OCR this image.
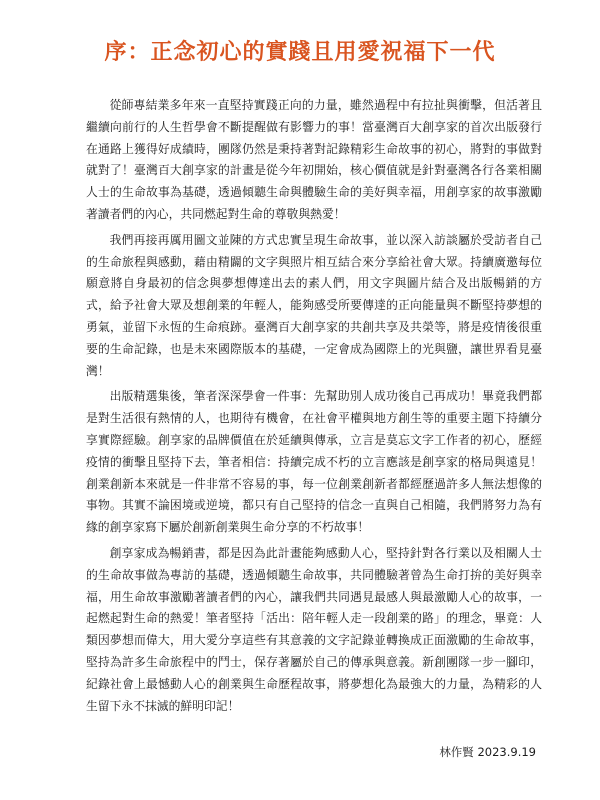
序：正念初心的實踐且用愛祝福下一代

從師專結業多年來一直堅持實踐正向的力量，雖然過程中有拉扯與衝擊，但活著且繼續向前行的人生哲學會不斷提醒做有影響力的事！當臺灣百大創享家的首次出版發行在通路上獲得好成績時，團隊仍然是秉持著對記錄精彩生命故事的初心，將對的事做對就對了！臺灣百大創享家的計畫是從今年初開始，核心價值就是針對臺灣各行各業相關人士的生命故事為基礎，透過傾聽生命與體驗生命的美好與幸福，用創享家的故事激勵著讀者們的內心，共同燃起對生命的尊敬與熱愛！

我們再接再厲用圖文並陳的方式忠實呈現生命故事，並以深入訪談屬於受訪者自己的生命旅程與感動，藉由精闢的文字與照片相互結合來分享給社會大眾。持續廣邀每位願意將自身最初的信念與夢想傳達出去的素人們，用文字與圖片結合及出版暢銷的方式，給予社會大眾及想創業的年輕人，能夠感受所要傳達的正向能量與不斷堅持夢想的勇氣，並留下永恆的生命痕跡。臺灣百大創享家的共創共享及共榮等，將是疫情後很重要的生命記錄，也是未來國際版本的基礎，一定會成為國際上的光與鹽，讓世界看見臺灣！

出版精選集後，筆者深深學會一件事：先幫助別人成功後自己再成功！畢竟我們都是對生活很有熱情的人，也期待有機會，在社會平權與地方創生等的重要主題下持續分享實際經驗。創享家的品牌價值在於延續與傳承，立言是莫忘文字工作者的初心，歷經疫情的衝擊且堅持下去，筆者相信：持續完成不朽的立言應該是創享家的格局與遠見！創業創新本來就是一件非常不容易的事，每一位創業創新者都經歷過許多人無法想像的事物。其實不論困境或逆境，都只有自己堅持的信念一直與自己相隨，我們將努力為有緣的創享家寫下屬於創新創業與生命分享的不朽故事！

創享家成為暢銷書，都是因為此計畫能夠感動人心，堅持針對各行業以及相關人士的生命故事做為專訪的基礎，透過傾聽生命故事，共同體驗著曾為生命打拚的美好與幸福，用生命故事激勵著讀者們的內心，讓我們共同遇見最感人與最激勵人心的故事，一起燃起對生命的熱愛！筆者堅持「活出：陪年輕人走一段創業的路」的理念，畢竟：人類因夢想而偉大，用大愛分享這些有其意義的文字記錄並轉換成正面激勵的生命故事，堅持為許多生命旅程中的鬥士，保存著屬於自己的傳承與意義。新創團隊一步一腳印，紀錄社會上最憾動人心的創業與生命歷程故事，將夢想化為最強大的力量，為精彩的人生留下永不抹滅的鮮明印記！

林作賢 2023.9.19
